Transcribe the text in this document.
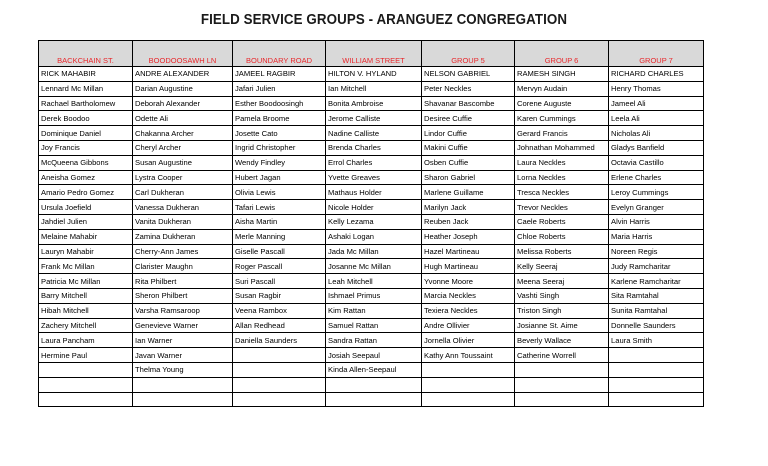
FIELD SERVICE GROUPS - ARANGUEZ CONGREGATION
BACKCHAIN ST.	BOODOOSAWH LN	BOUNDARY ROAD	WILLIAM STREET	GROUP 5	GROUP 6	GROUP 7
RICK MAHABIR	ANDRE ALEXANDER	JAMEEL RAGBIR	HILTON V. HYLAND	NELSON GABRIEL	RAMESH SINGH	RICHARD CHARLES
Lennard Mc Millan	Darian Augustine	Jafari Julien	Ian Mitchell	Peter Neckles	Mervyn Audain	Henry Thomas
Rachael Bartholomew	Deborah Alexander	Esther Boodoosingh	Bonita Ambroise	Shavanar Bascombe	Corene Auguste	Jameel Ali
Derek Boodoo	Odette Ali	Pamela Broome	Jerome Calliste	Desiree Cuffie	Karen Cummings	Leela Ali
Dominique Daniel	Chakanna Archer	Josette Cato	Nadine Calliste	Lindor Cuffie	Gerard Francis	Nicholas Ali
Joy Francis	Cheryl Archer	Ingrid Christopher	Brenda Charles	Makini Cuffie	Johnathan Mohammed	Gladys Banfield
McQueena Gibbons	Susan Augustine	Wendy Findley	Errol Charles	Osben Cuffie	Laura Neckles	Octavia Castillo
Aneisha Gomez	Lystra Cooper	Hubert Jagan	Yvette Greaves	Sharon Gabriel	Lorna Neckles	Erlene Charles
Amario Pedro Gomez	Carl Dukheran	Olivia Lewis	Mathaus Holder	Marlene Guillame	Tresca Neckles	Leroy Cummings
Ursula Joefield	Vanessa Dukheran	Tafari Lewis	Nicole Holder	Marilyn Jack	Trevor Neckles	Evelyn Granger
Jahdiel Julien	Vanita Dukheran	Aisha Martin	Kelly Lezama	Reuben Jack	Caele Roberts	Alvin Harris
Melaine Mahabir	Zamina Dukheran	Merle Manning	Ashaki Logan	Heather Joseph	Chloe Roberts	Maria Harris
Lauryn Mahabir	Cherry-Ann James	Giselle Pascall	Jada Mc Millan	Hazel Martineau	Melissa Roberts	Noreen Regis
Frank Mc Millan	Clarister Maughn	Roger Pascall	Josanne Mc Millan	Hugh Martineau	Kelly Seeraj	Judy Ramcharitar
Patricia Mc Millan	Rita Philbert	Suri Pascall	Leah Mitchell	Yvonne Moore	Meena Seeraj	Karlene Ramcharitar
Barry Mitchell	Sheron Philbert	Susan Ragbir	Ishmael Primus	Marcia Neckles	Vashti Singh	Sita Ramtahal
Hibah Mitchell	Varsha Ramsaroop	Veena Rambox	Kim Rattan	Texiera Neckles	Triston Singh	Sunita Ramtahal
Zachery Mitchell	Genevieve Warner	Allan Redhead	Samuel Rattan	Andre Ollivier	Josianne St. Aime	Donnelle Saunders
Laura Pancham	Ian Warner	Daniella Saunders	Sandra Rattan	Jornella Olivier	Beverly Wallace	Laura Smith
Hermine Paul	Javan Warner		Josiah Seepaul	Kathy Ann Toussaint	Catherine Worrell	
	Thelma Young		Kinda Allen-Seepaul			
